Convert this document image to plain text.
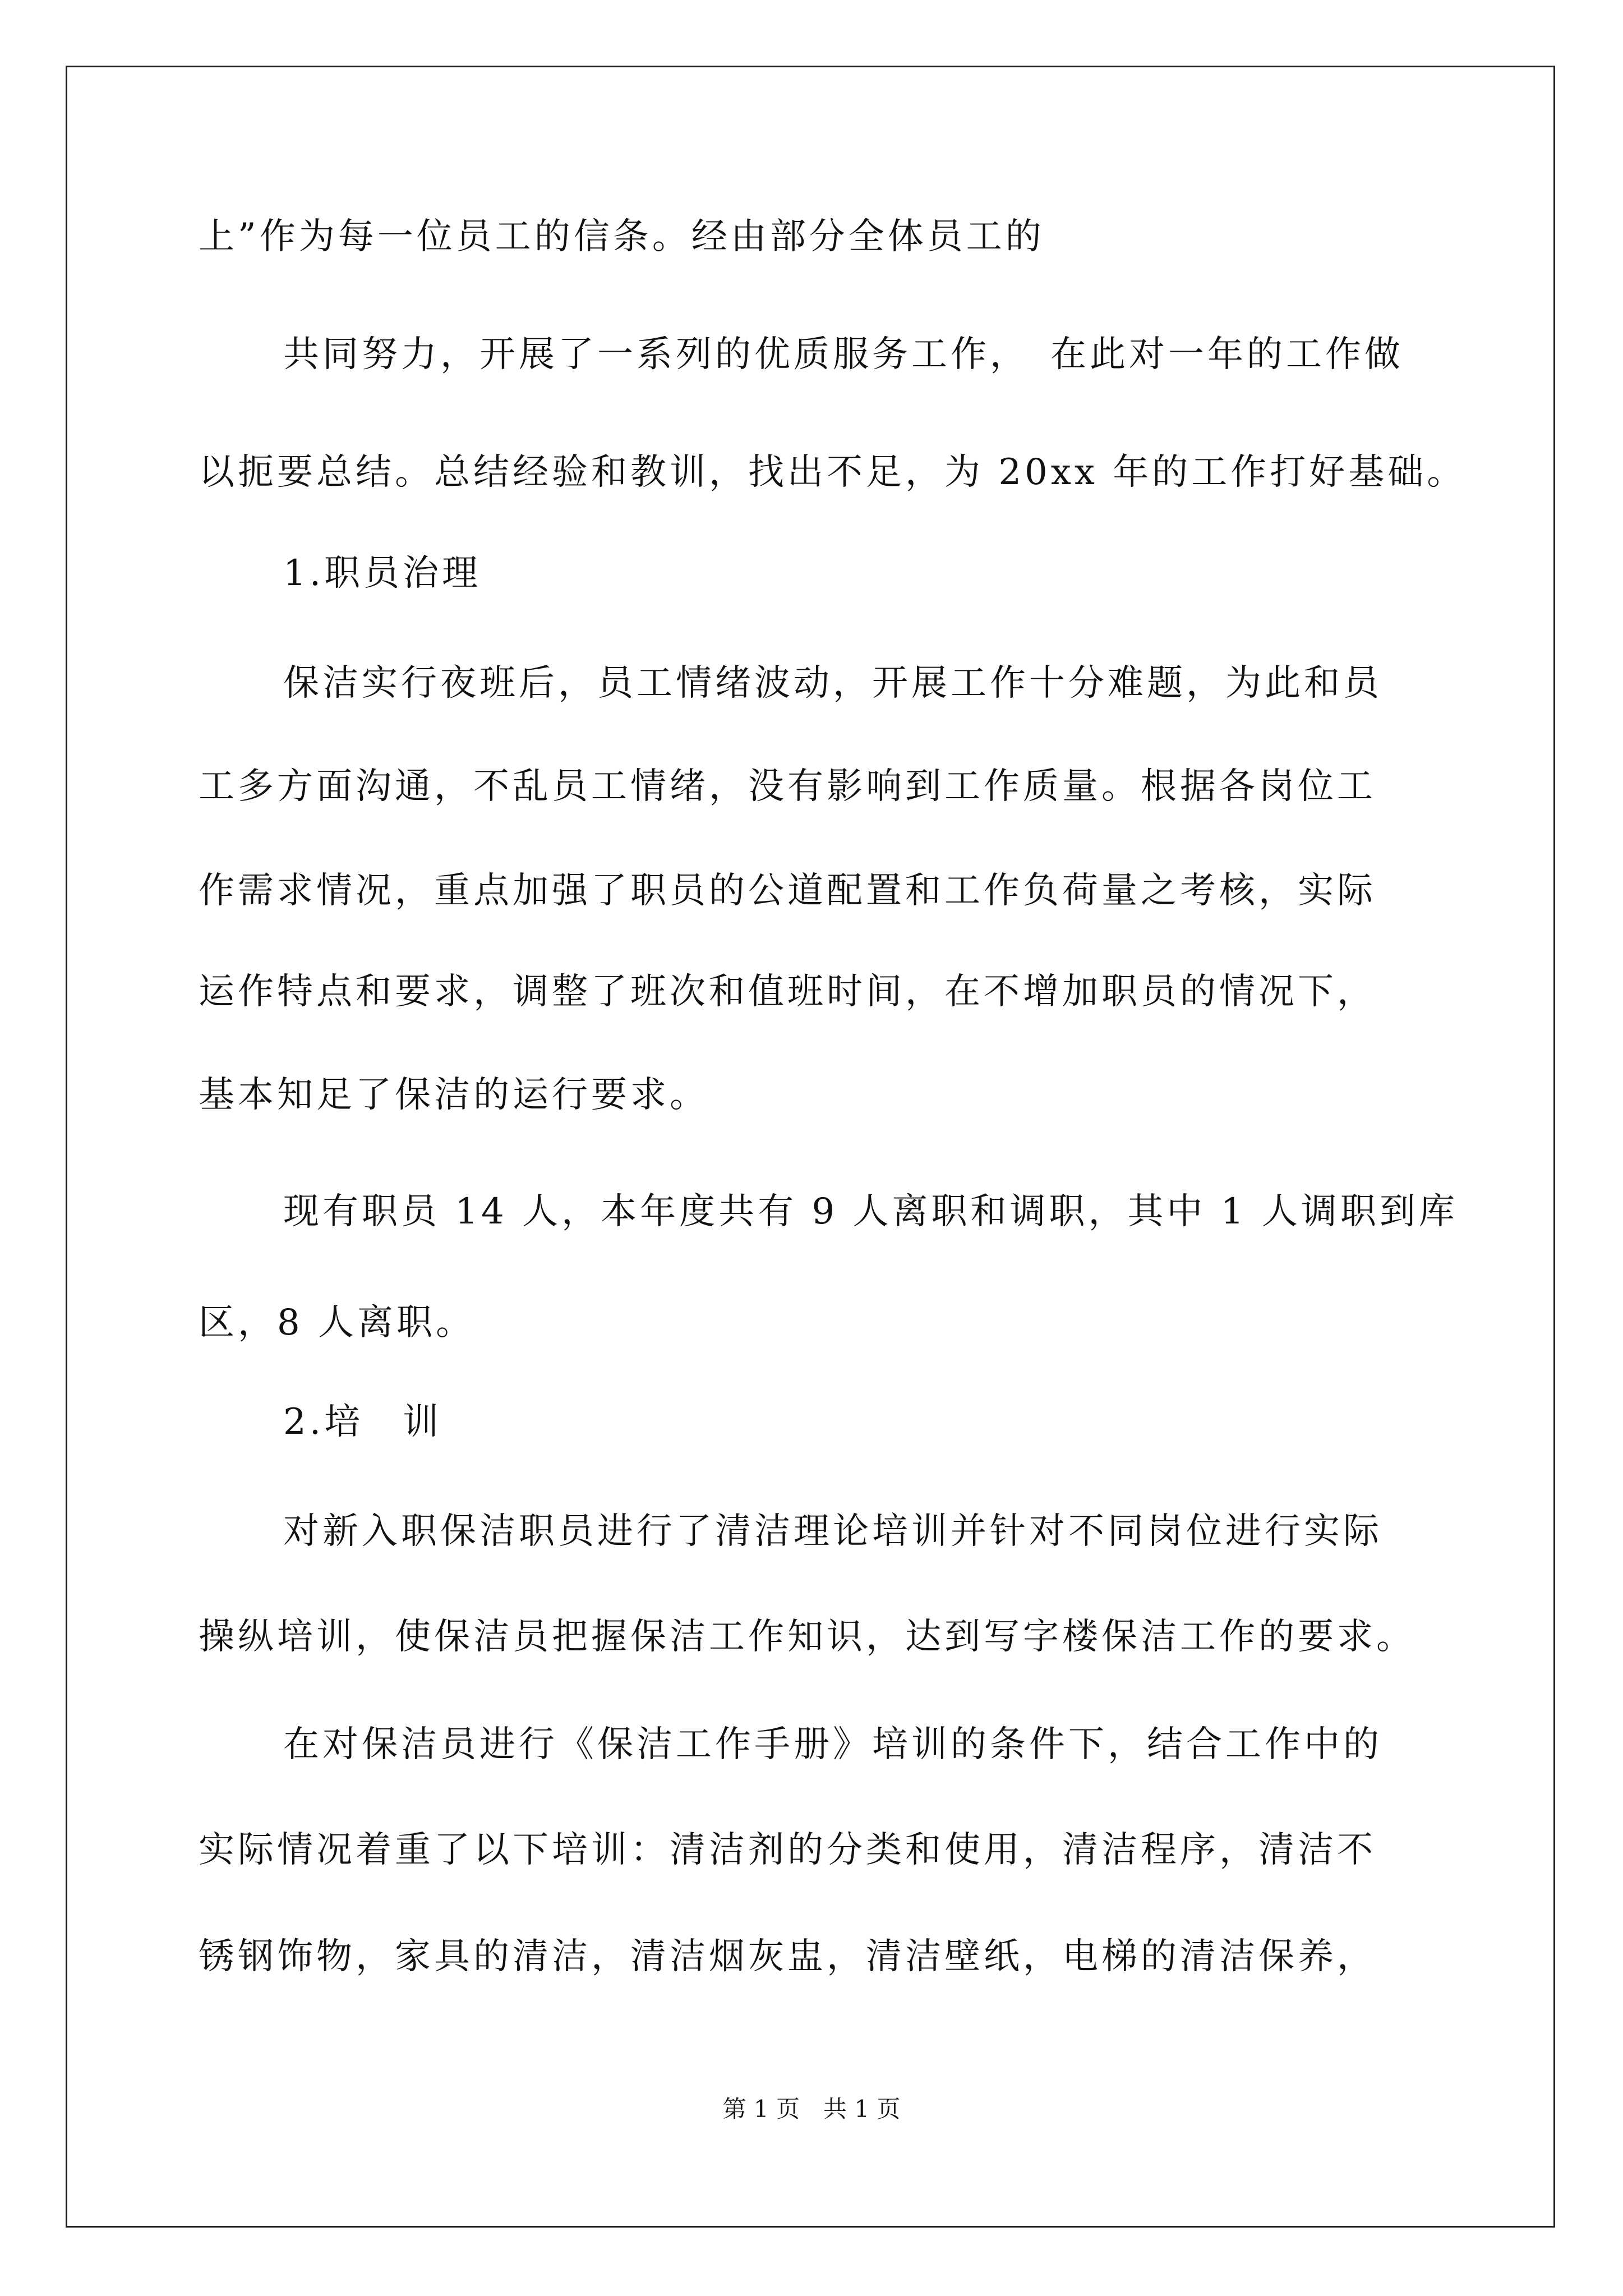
上”作为每一位员工的信条。经由部分全体员工的
共同努力，开展了一系列的优质服务工作，　在此对一年的工作做
以扼要总结。总结经验和教训，找出不足，为 20xx 年的工作打好基础。
1.职员治理
保洁实行夜班后，员工情绪波动，开展工作十分难题，为此和员
工多方面沟通，不乱员工情绪，没有影响到工作质量。根据各岗位工
作需求情况，重点加强了职员的公道配置和工作负荷量之考核，实际
运作特点和要求，调整了班次和值班时间，在不增加职员的情况下，
基本知足了保洁的运行要求。
现有职员 14 人，本年度共有 9 人离职和调职，其中 1 人调职到库
区，8 人离职。
2.培　训
对新入职保洁职员进行了清洁理论培训并针对不同岗位进行实际
操纵培训，使保洁员把握保洁工作知识，达到写字楼保洁工作的要求。
在对保洁员进行《保洁工作手册》培训的条件下，结合工作中的
实际情况着重了以下培训：清洁剂的分类和使用，清洁程序，清洁不
锈钢饰物，家具的清洁，清洁烟灰盅，清洁壁纸，电梯的清洁保养，
第 1 页　共 1 页
